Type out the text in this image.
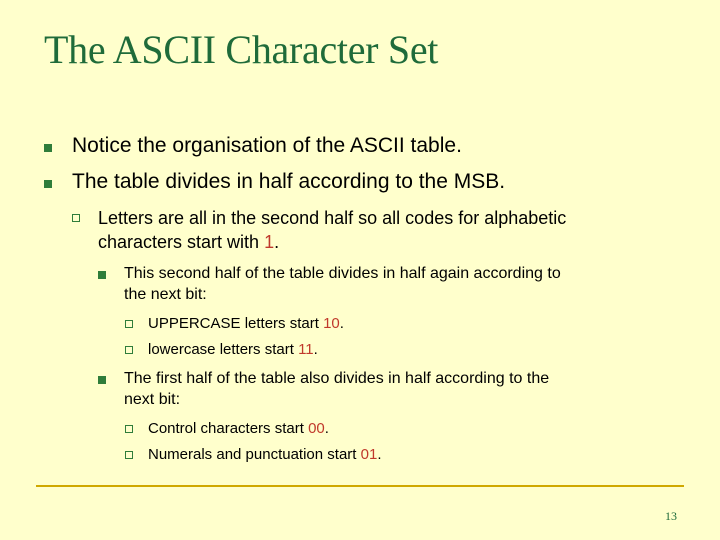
The ASCII Character Set
Notice the organisation of the ASCII table.
The table divides in half according to the MSB.
Letters are all in the second half so all codes for alphabetic
characters start with 1.
This second half of the table divides in half again according to
the next bit:
UPPERCASE letters start 10.
lowercase letters start 11.
The first half of the table also divides in half according to the
next bit:
Control characters start 00.
Numerals and punctuation start 01.
13
